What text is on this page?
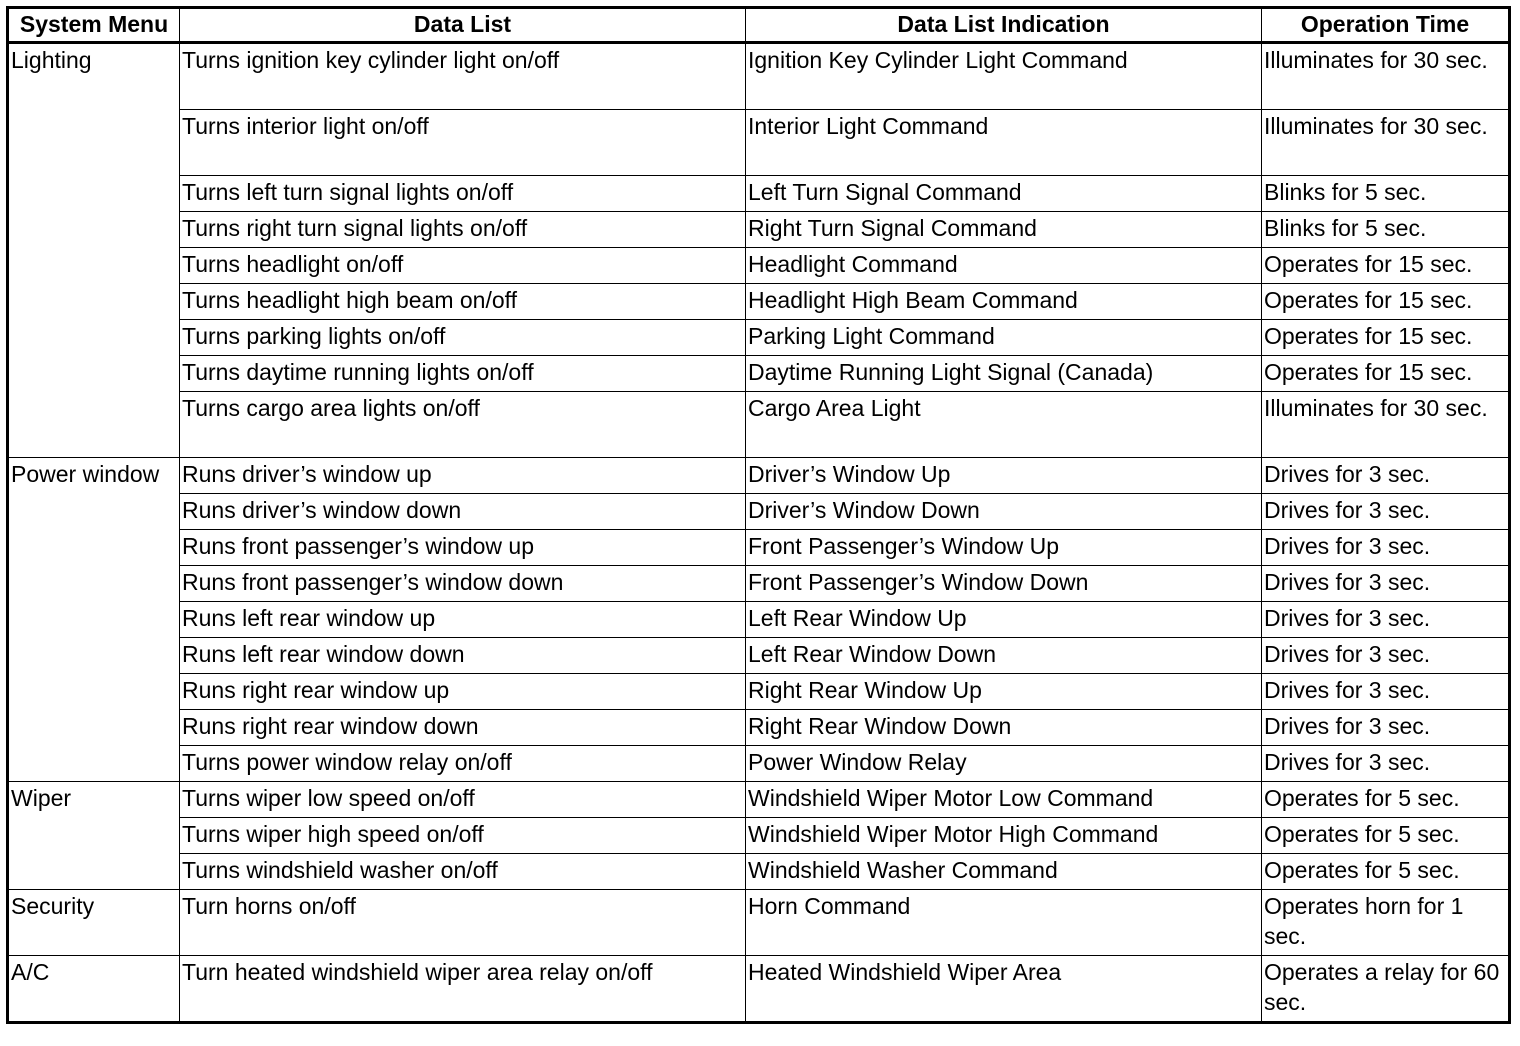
System Menu	Data List	Data List Indication	Operation Time
Lighting	Turns ignition key cylinder light on/off	Ignition Key Cylinder Light Command	Illuminates for 30 sec.
	Turns interior light on/off	Interior Light Command	Illuminates for 30 sec.
	Turns left turn signal lights on/off	Left Turn Signal Command	Blinks for 5 sec.
	Turns right turn signal lights on/off	Right Turn Signal Command	Blinks for 5 sec.
	Turns headlight on/off	Headlight Command	Operates for 15 sec.
	Turns headlight high beam on/off	Headlight High Beam Command	Operates for 15 sec.
	Turns parking lights on/off	Parking Light Command	Operates for 15 sec.
	Turns daytime running lights on/off	Daytime Running Light Signal (Canada)	Operates for 15 sec.
	Turns cargo area lights on/off	Cargo Area Light	Illuminates for 30 sec.
Power window	Runs driver’s window up	Driver’s Window Up	Drives for 3 sec.
	Runs driver’s window down	Driver’s Window Down	Drives for 3 sec.
	Runs front passenger’s window up	Front Passenger’s Window Up	Drives for 3 sec.
	Runs front passenger’s window down	Front Passenger’s Window Down	Drives for 3 sec.
	Runs left rear window up	Left Rear Window Up	Drives for 3 sec.
	Runs left rear window down	Left Rear Window Down	Drives for 3 sec.
	Runs right rear window up	Right Rear Window Up	Drives for 3 sec.
	Runs right rear window down	Right Rear Window Down	Drives for 3 sec.
	Turns power window relay on/off	Power Window Relay	Drives for 3 sec.
Wiper	Turns wiper low speed on/off	Windshield Wiper Motor Low Command	Operates for 5 sec.
	Turns wiper high speed on/off	Windshield Wiper Motor High Command	Operates for 5 sec.
	Turns windshield washer on/off	Windshield Washer Command	Operates for 5 sec.
Security	Turn horns on/off	Horn Command	Operates horn for 1 sec.
A/C	Turn heated windshield wiper area relay on/off	Heated Windshield Wiper Area	Operates a relay for 60 sec.
